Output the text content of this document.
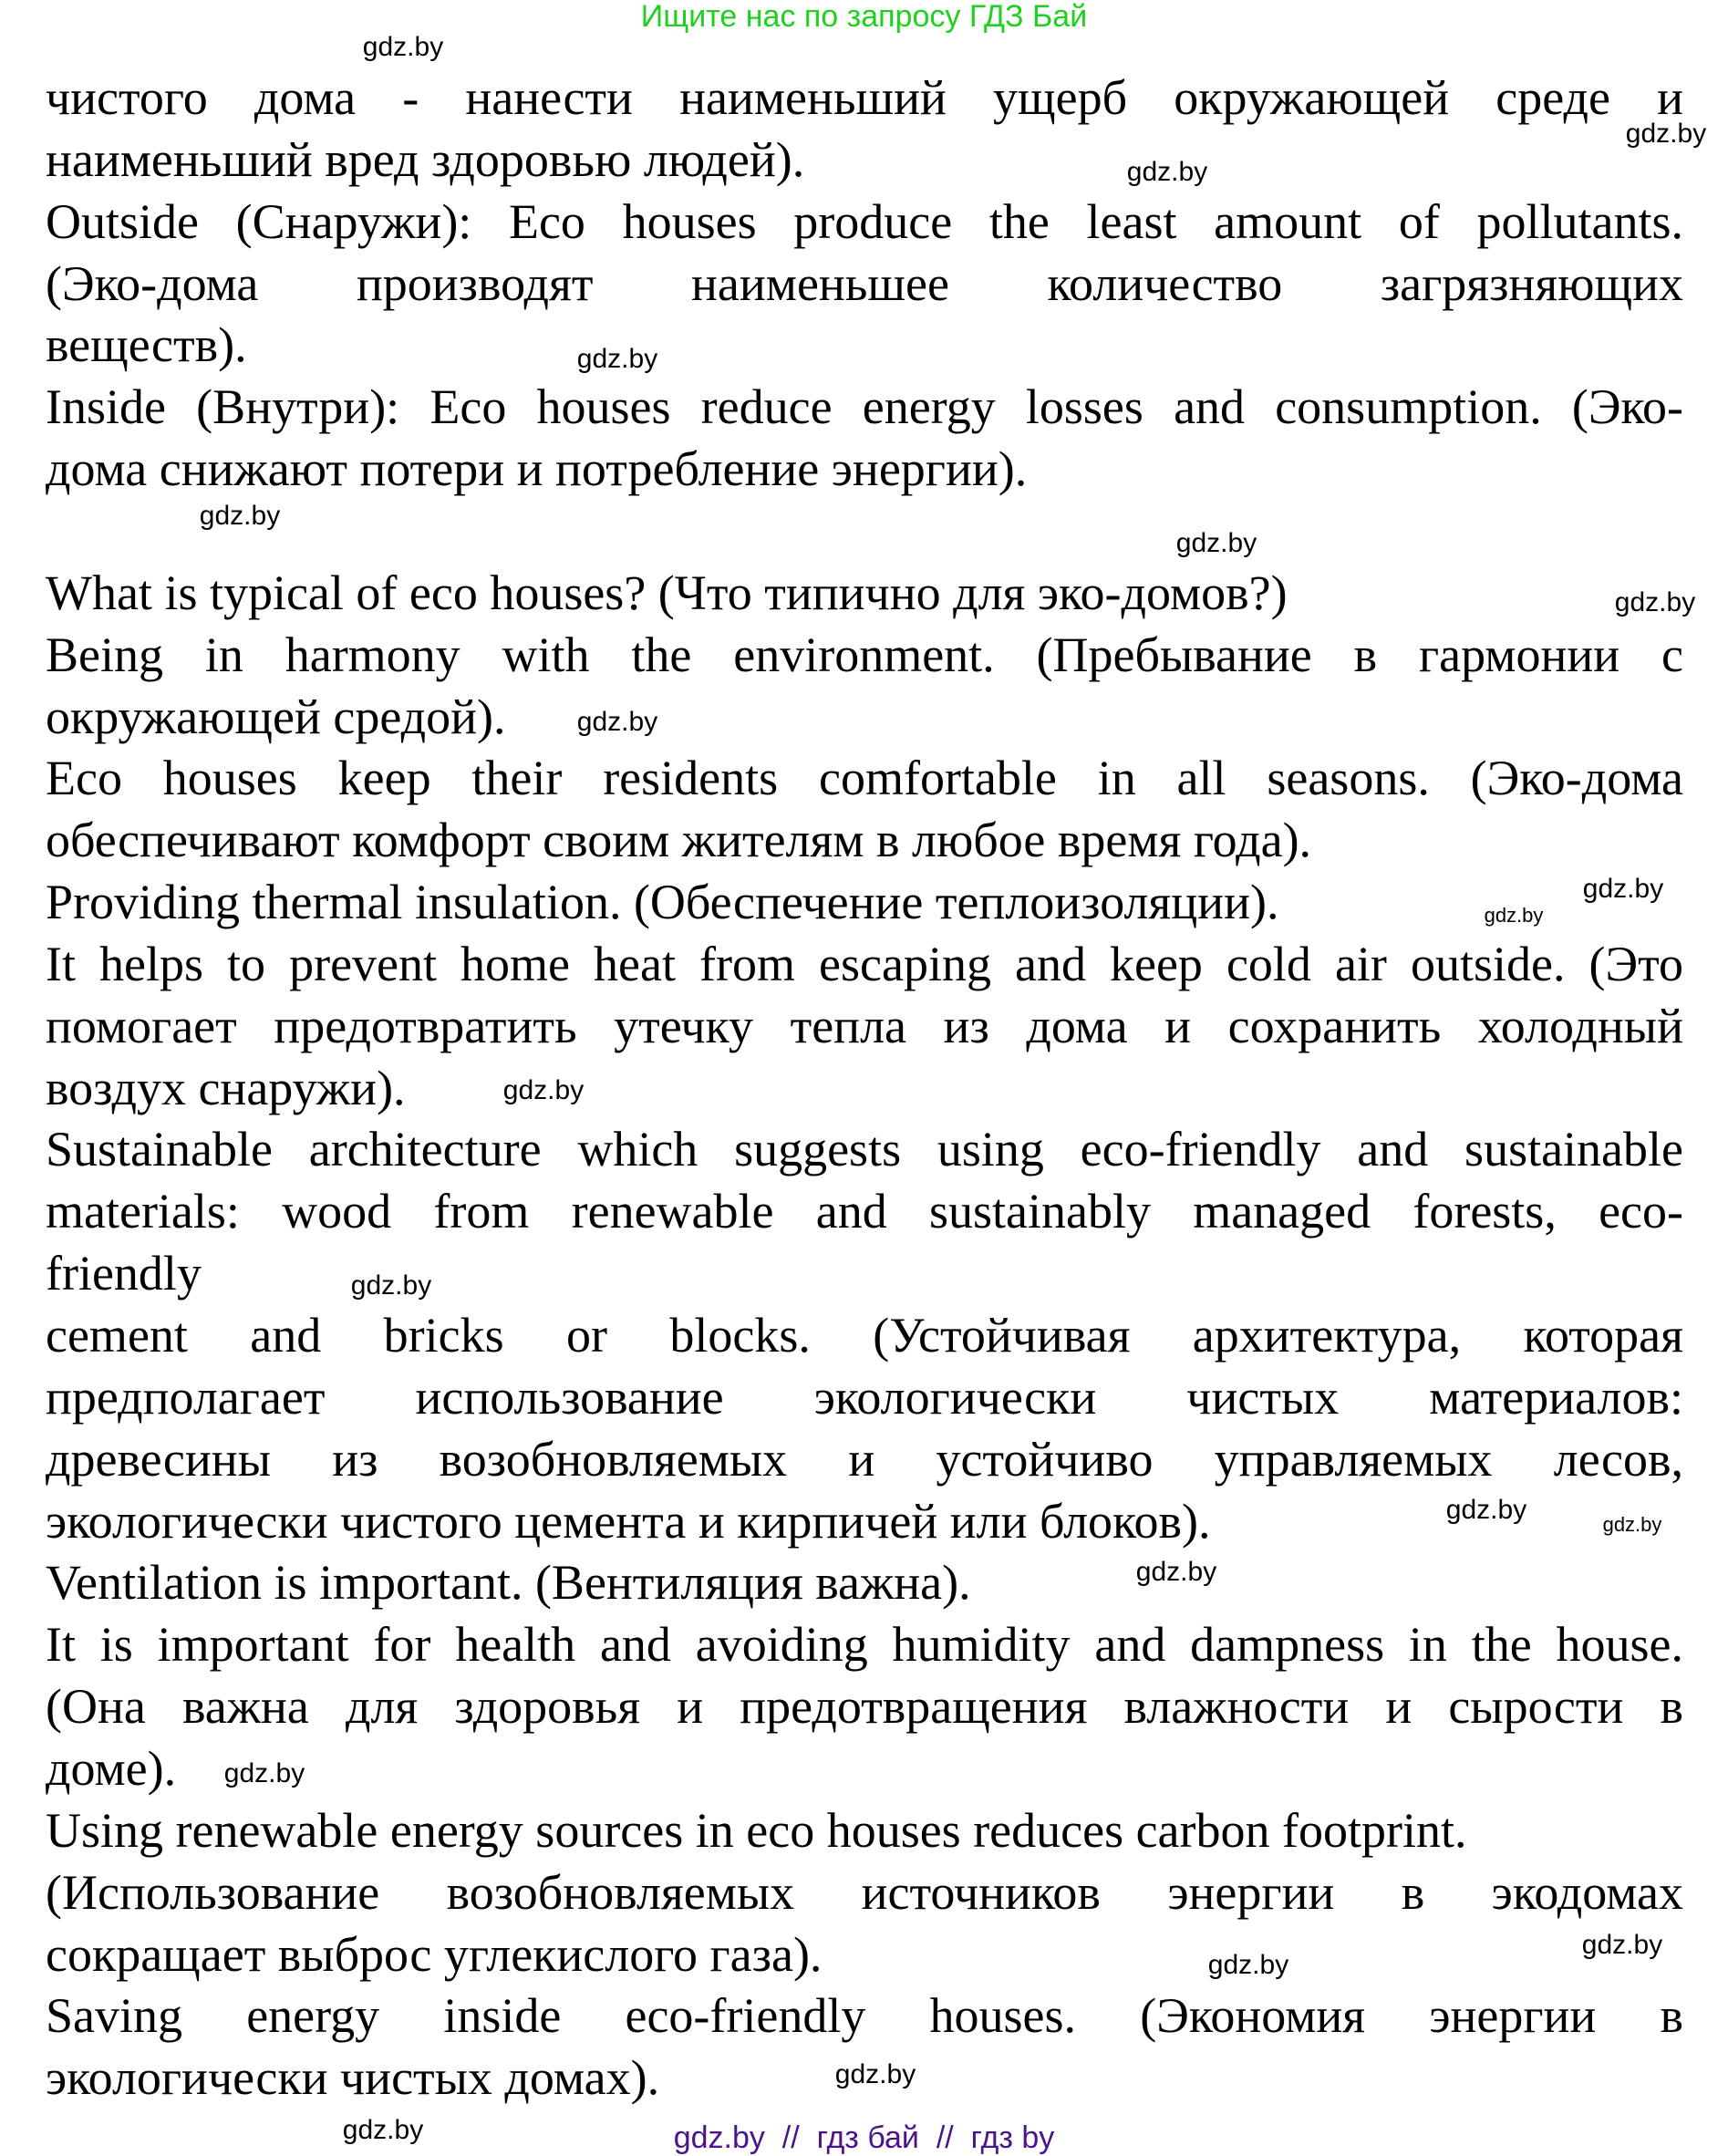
Ищите нас по запросу ГДЗ Бай
чистого дома - нанести наименьший ущерб окружающей среде и
наименьший вред здоровью людей).
Outside (Снаружи): Eco houses produce the least amount of pollutants.
(Эко-дома производят наименьшее количество загрязняющих
веществ).
Inside (Внутри): Eco houses reduce energy losses and consumption. (Эко-
дома снижают потери и потребление энергии).
What is typical of eco houses? (Что типично для эко-домов?)
Being in harmony with the environment. (Пребывание в гармонии с
окружающей средой).
Eco houses keep their residents comfortable in all seasons. (Эко-дома
обеспечивают комфорт своим жителям в любое время года).
Providing thermal insulation. (Обеспечение теплоизоляции).
It helps to prevent home heat from escaping and keep cold air outside. (Это
помогает предотвратить утечку тепла из дома и сохранить холодный
воздух снаружи).
Sustainable architecture which suggests using eco-friendly and sustainable
materials: wood from renewable and sustainably managed forests, eco-
friendly
cement and bricks or blocks. (Устойчивая архитектура, которая
предполагает использование экологически чистых материалов:
древесины из возобновляемых и устойчиво управляемых лесов,
экологически чистого цемента и кирпичей или блоков).
Ventilation is important. (Вентиляция важна).
It is important for health and avoiding humidity and dampness in the house.
(Она важна для здоровья и предотвращения влажности и сырости в
доме).
Using renewable energy sources in eco houses reduces carbon footprint.
(Использование возобновляемых источников энергии в экодомах
сокращает выброс углекислого газа).
Saving energy inside eco-friendly houses. (Экономия энергии в
экологически чистых домах).
gdz.by
gdz.by
gdz.by
gdz.by
gdz.by
gdz.by
gdz.by
gdz.by
gdz.by
gdz.by
gdz.by
gdz.by
gdz.by
gdz.by
gdz.by
gdz.by
gdz.by
gdz.by
gdz.by
gdz.by	gdz.by  //  гдз бай  //  гдз by
